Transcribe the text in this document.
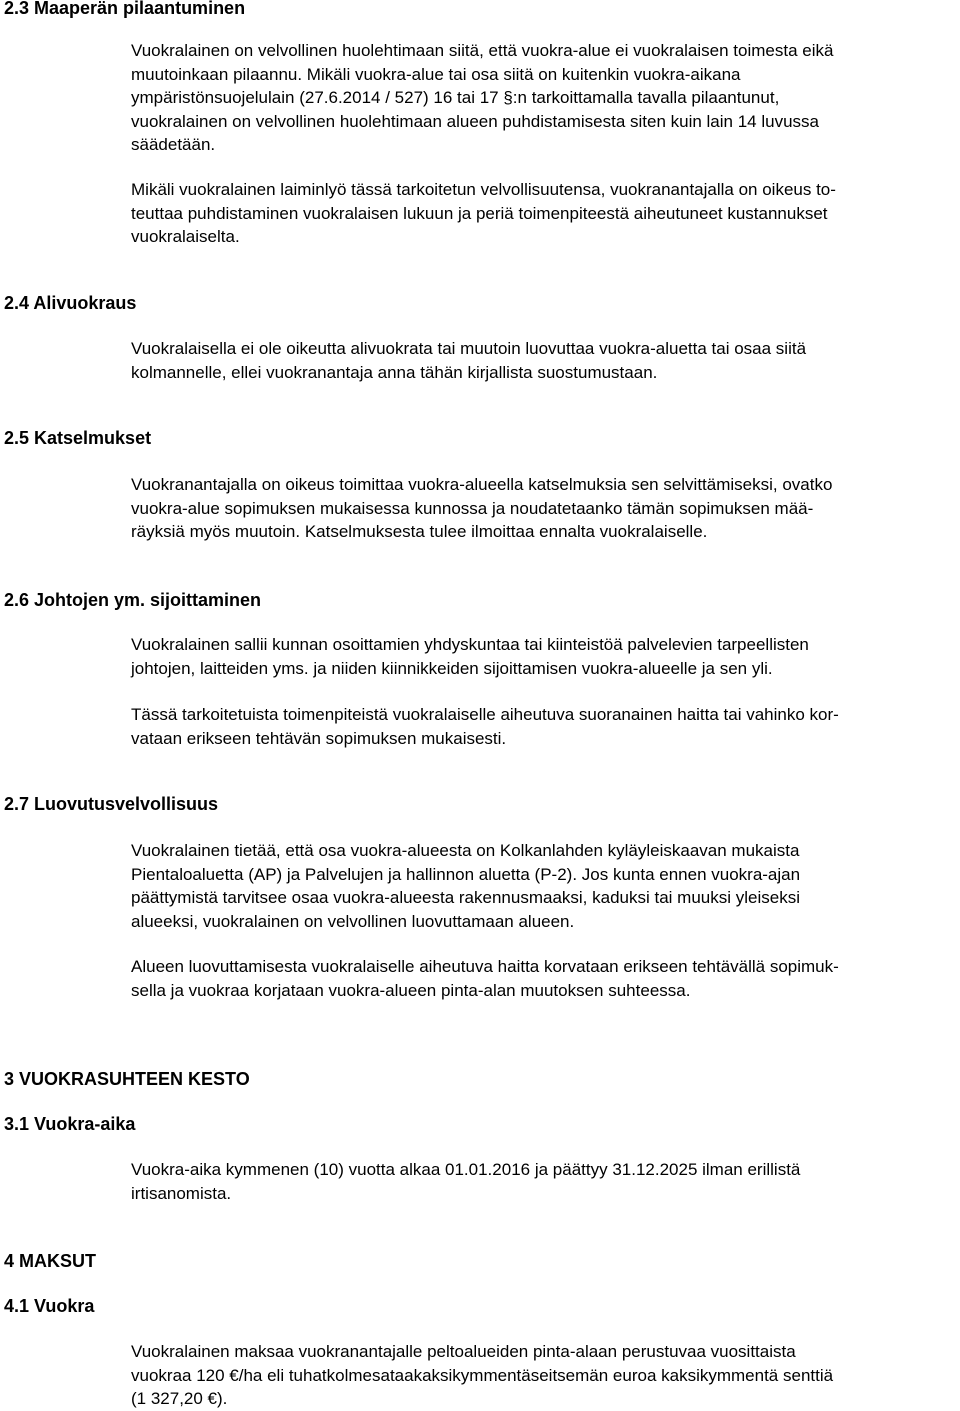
2.3 Maaperän pilaantuminen
Vuokralainen on velvollinen huolehtimaan siitä, että vuokra-alue ei vuokralaisen toimesta eikä
muutoinkaan pilaannu. Mikäli vuokra-alue tai osa siitä on kuitenkin vuokra-aikana
ympäristönsuojelulain (27.6.2014 / 527) 16 tai 17 §:n tarkoittamalla tavalla pilaantunut,
vuokralainen on velvollinen huolehtimaan alueen puhdistamisesta siten kuin lain 14 luvussa
säädetään.
Mikäli vuokralainen laiminlyö tässä tarkoitetun velvollisuutensa, vuokranantajalla on oikeus to-
teuttaa puhdistaminen vuokralaisen lukuun ja periä toimenpiteestä aiheutuneet kustannukset
vuokralaiselta.
2.4 Alivuokraus
Vuokralaisella ei ole oikeutta alivuokrata tai muutoin luovuttaa vuokra-aluetta tai osaa siitä
kolmannelle, ellei vuokranantaja anna tähän kirjallista suostumustaan.
2.5 Katselmukset
Vuokranantajalla on oikeus toimittaa vuokra-alueella katselmuksia sen selvittämiseksi, ovatko
vuokra-alue sopimuksen mukaisessa kunnossa ja noudatetaanko tämän sopimuksen mää-
räyksiä myös muutoin. Katselmuksesta tulee ilmoittaa ennalta vuokralaiselle.
2.6 Johtojen ym. sijoittaminen
Vuokralainen sallii kunnan osoittamien yhdyskuntaa tai kiinteistöä palvelevien tarpeellisten
johtojen, laitteiden yms. ja niiden kiinnikkeiden sijoittamisen vuokra-alueelle ja sen yli.
Tässä tarkoitetuista toimenpiteistä vuokralaiselle aiheutuva suoranainen haitta tai vahinko kor-
vataan erikseen tehtävän sopimuksen mukaisesti.
2.7 Luovutusvelvollisuus
Vuokralainen tietää, että osa vuokra-alueesta on Kolkanlahden kyläyleiskaavan mukaista
Pientaloaluetta (AP) ja Palvelujen ja hallinnon aluetta (P-2). Jos kunta ennen vuokra-ajan
päättymistä tarvitsee osaa vuokra-alueesta rakennusmaaksi, kaduksi tai muuksi yleiseksi
alueeksi, vuokralainen on velvollinen luovuttamaan alueen.
Alueen luovuttamisesta vuokralaiselle aiheutuva haitta korvataan erikseen tehtävällä sopimuk-
sella ja vuokraa korjataan vuokra-alueen pinta-alan muutoksen suhteessa.
3 VUOKRASUHTEEN KESTO
3.1 Vuokra-aika
Vuokra-aika kymmenen (10) vuotta alkaa 01.01.2016 ja päättyy 31.12.2025 ilman erillistä
irtisanomista.
4 MAKSUT
4.1 Vuokra
Vuokralainen maksaa vuokranantajalle peltoalueiden pinta-alaan perustuvaa vuosittaista
vuokraa 120 €/ha eli tuhatkolmesataakaksikymmentäseitsemän euroa kaksikymmentä senttiä
(1 327,20 €).
